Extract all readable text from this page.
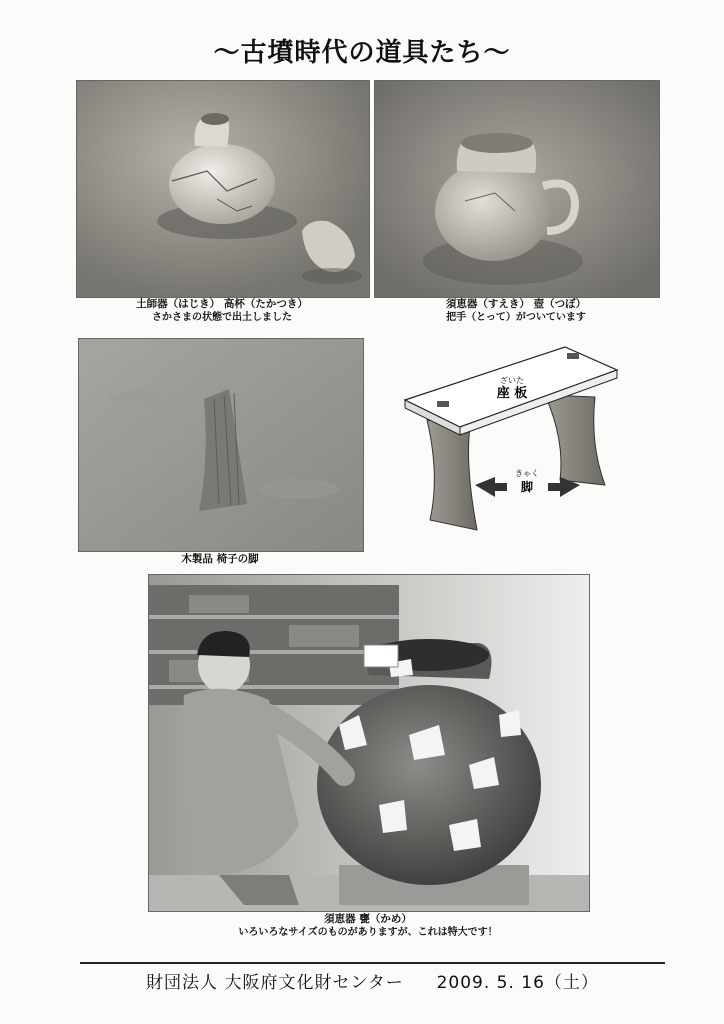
〜古墳時代の道具たち〜
土師器（はじき） 高杯（たかつき）
さかさまの状態で出土しました
須恵器（すえき） 壺（つぼ）
把手（とって）がついています
木製品 椅子の脚
ざいた
座 板
きゃく
脚
須恵器 甕（かめ）
いろいろなサイズのものがありますが、これは特大です！
財団法人 大阪府文化財センター 2009. 5. 16（土）
